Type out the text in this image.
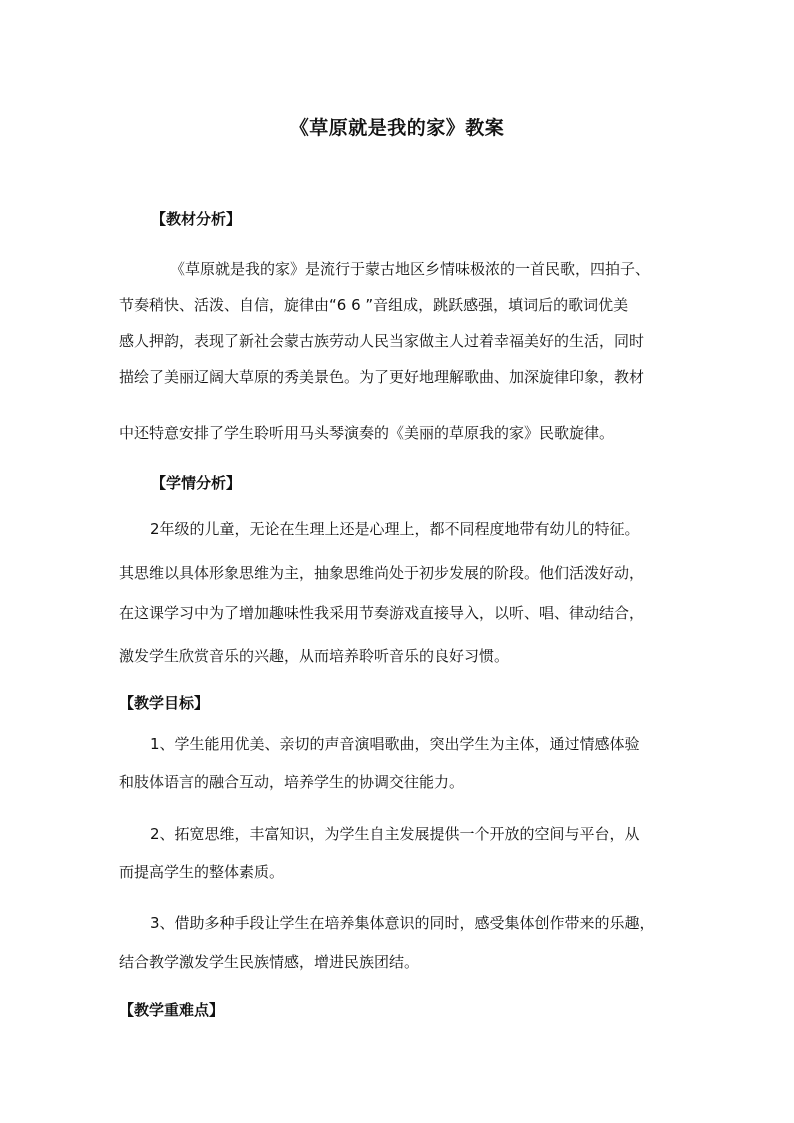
《草原就是我的家》教案
【教材分析】
《草原就是我的家》是流行于蒙古地区乡情味极浓的一首民歌，四拍子、
节奏稍快、活泼、自信，旋律由“6 6 ”音组成，跳跃感强，填词后的歌词优美
感人押韵，表现了新社会蒙古族劳动人民当家做主人过着幸福美好的生活，同时
描绘了美丽辽阔大草原的秀美景色。为了更好地理解歌曲、加深旋律印象，教材
中还特意安排了学生聆听用马头琴演奏的《美丽的草原我的家》民歌旋律。
【学情分析】
2年级的儿童，无论在生理上还是心理上，都不同程度地带有幼儿的特征。
其思维以具体形象思维为主，抽象思维尚处于初步发展的阶段。他们活泼好动，
在这课学习中为了增加趣味性我采用节奏游戏直接导入，以听、唱、律动结合，
激发学生欣赏音乐的兴趣，从而培养聆听音乐的良好习惯。
【教学目标】
1、学生能用优美、亲切的声音演唱歌曲，突出学生为主体，通过情感体验
和肢体语言的融合互动，培养学生的协调交往能力。
2、拓宽思维，丰富知识，为学生自主发展提供一个开放的空间与平台，从
而提高学生的整体素质。
3、借助多种手段让学生在培养集体意识的同时，感受集体创作带来的乐趣，
结合教学激发学生民族情感，增进民族团结。
【教学重难点】
